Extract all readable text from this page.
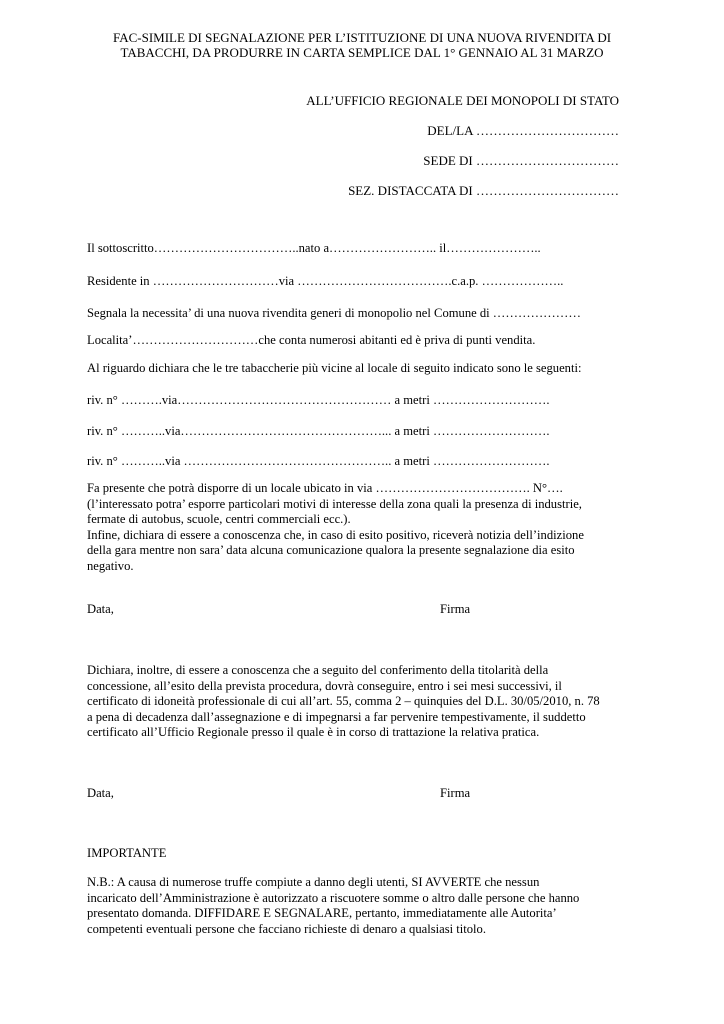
FAC-SIMILE DI SEGNALAZIONE PER L’ISTITUZIONE DI UNA NUOVA RIVENDITA DI
TABACCHI, DA PRODURRE IN CARTA SEMPLICE DAL 1° GENNAIO AL 31 MARZO
ALL’UFFICIO REGIONALE DEI MONOPOLI DI STATO
DEL/LA ……………………………
SEDE DI ……………………………
SEZ. DISTACCATA DI ……………………………
Il sottoscritto……………………………..nato a…………………….. il…………………..
Residente in …………………………via ……………………………….c.a.p. ………………..
Segnala la necessita’ di una nuova rivendita generi di monopolio nel Comune di …………………
Localita’…………………………che conta numerosi abitanti ed è priva di punti vendita.
Al riguardo dichiara che le tre tabaccherie più vicine al locale di seguito indicato sono le seguenti:
riv. n° ……….via…………………………………………… a metri ……………………….
riv. n° ………..via…………………………………………... a metri ……………………….
riv. n° ………..via ………………………………………….. a metri ……………………….
Fa presente che potrà disporre di un locale ubicato in via ………………………………. N°….
(l’interessato potra’ esporre particolari motivi di interesse della zona quali la presenza di industrie,
fermate di autobus, scuole, centri commerciali ecc.).
Infine, dichiara di essere a conoscenza che, in caso di esito positivo, riceverà notizia dell’indizione
della gara mentre non sara’ data alcuna comunicazione qualora la presente segnalazione dia esito
negativo.
Data,	Firma
Dichiara, inoltre, di essere a conoscenza che a seguito del conferimento della titolarità della
concessione, all’esito della prevista procedura, dovrà conseguire, entro i sei mesi successivi, il
certificato di idoneità professionale di cui all’art. 55, comma 2 – quinquies del D.L. 30/05/2010, n. 78
a pena di decadenza dall’assegnazione e di impegnarsi a far pervenire tempestivamente, il suddetto
certificato all’Ufficio Regionale presso il quale è in corso di trattazione la relativa pratica.
Data,	Firma
IMPORTANTE
N.B.: A causa di numerose truffe compiute a danno degli utenti, SI AVVERTE che nessun
incaricato dell’Amministrazione è autorizzato a riscuotere somme o altro dalle persone che hanno
presentato domanda. DIFFIDARE E SEGNALARE, pertanto, immediatamente alle Autorita’
competenti eventuali persone che facciano richieste di denaro a qualsiasi titolo.
